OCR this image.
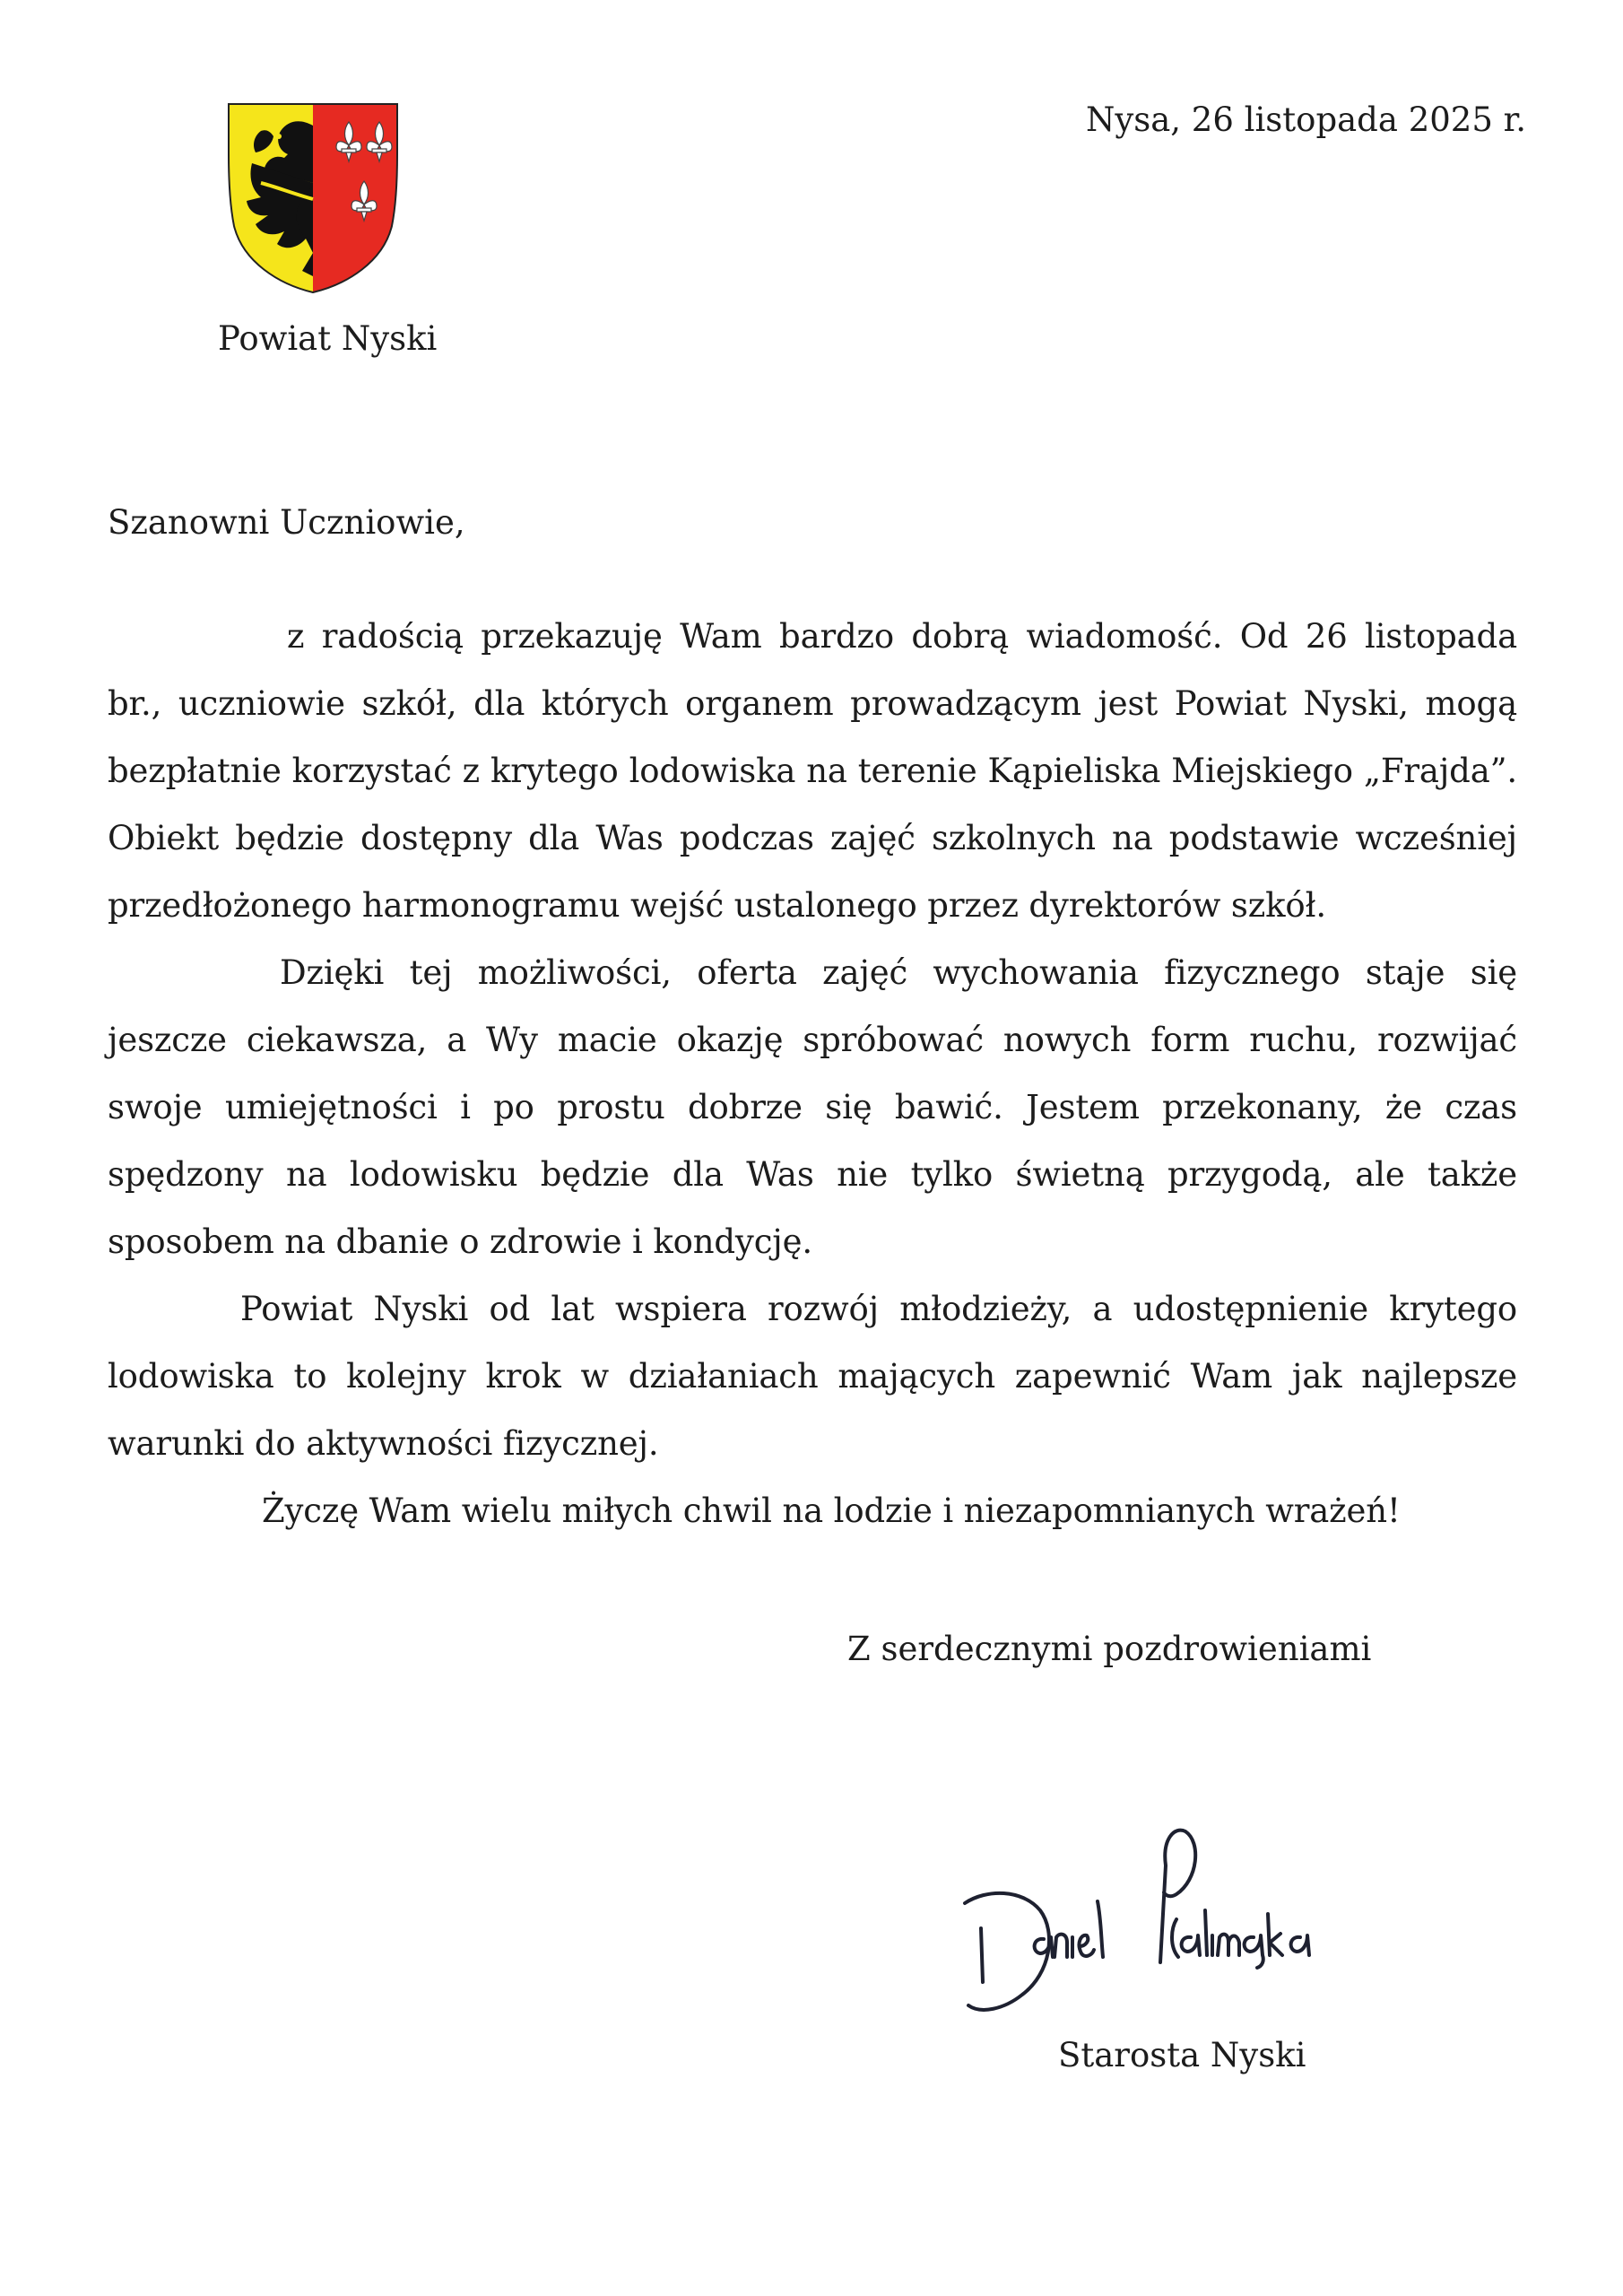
Powiat Nyski
Nysa, 26 listopada 2025 r.
Szanowni Uczniowie,

z radością przekazuję Wam bardzo dobrą wiadomość. Od 26 listopada br., uczniowie szkół, dla których organem prowadzącym jest Powiat Nyski, mogą bezpłatnie korzystać z krytego lodowiska na terenie Kąpieliska Miejskiego „Frajda”. Obiekt będzie dostępny dla Was podczas zajęć szkolnych na podstawie wcześniej przedłożonego harmonogramu wejść ustalonego przez dyrektorów szkół.

Dzięki tej możliwości, oferta zajęć wychowania fizycznego staje się jeszcze ciekawsza, a Wy macie okazję spróbować nowych form ruchu, rozwijać swoje umiejętności i po prostu dobrze się bawić. Jestem przekonany, że czas spędzony na lodowisku będzie dla Was nie tylko świetną przygodą, ale także sposobem na dbanie o zdrowie i kondycję.

Powiat Nyski od lat wspiera rozwój młodzieży, a udostępnienie krytego lodowiska to kolejny krok w działaniach mających zapewnić Wam jak najlepsze warunki do aktywności fizycznej.

Życzę Wam wielu miłych chwil na lodzie i niezapomnianych wrażeń!

Z serdecznymi pozdrowieniami
Starosta Nyski
